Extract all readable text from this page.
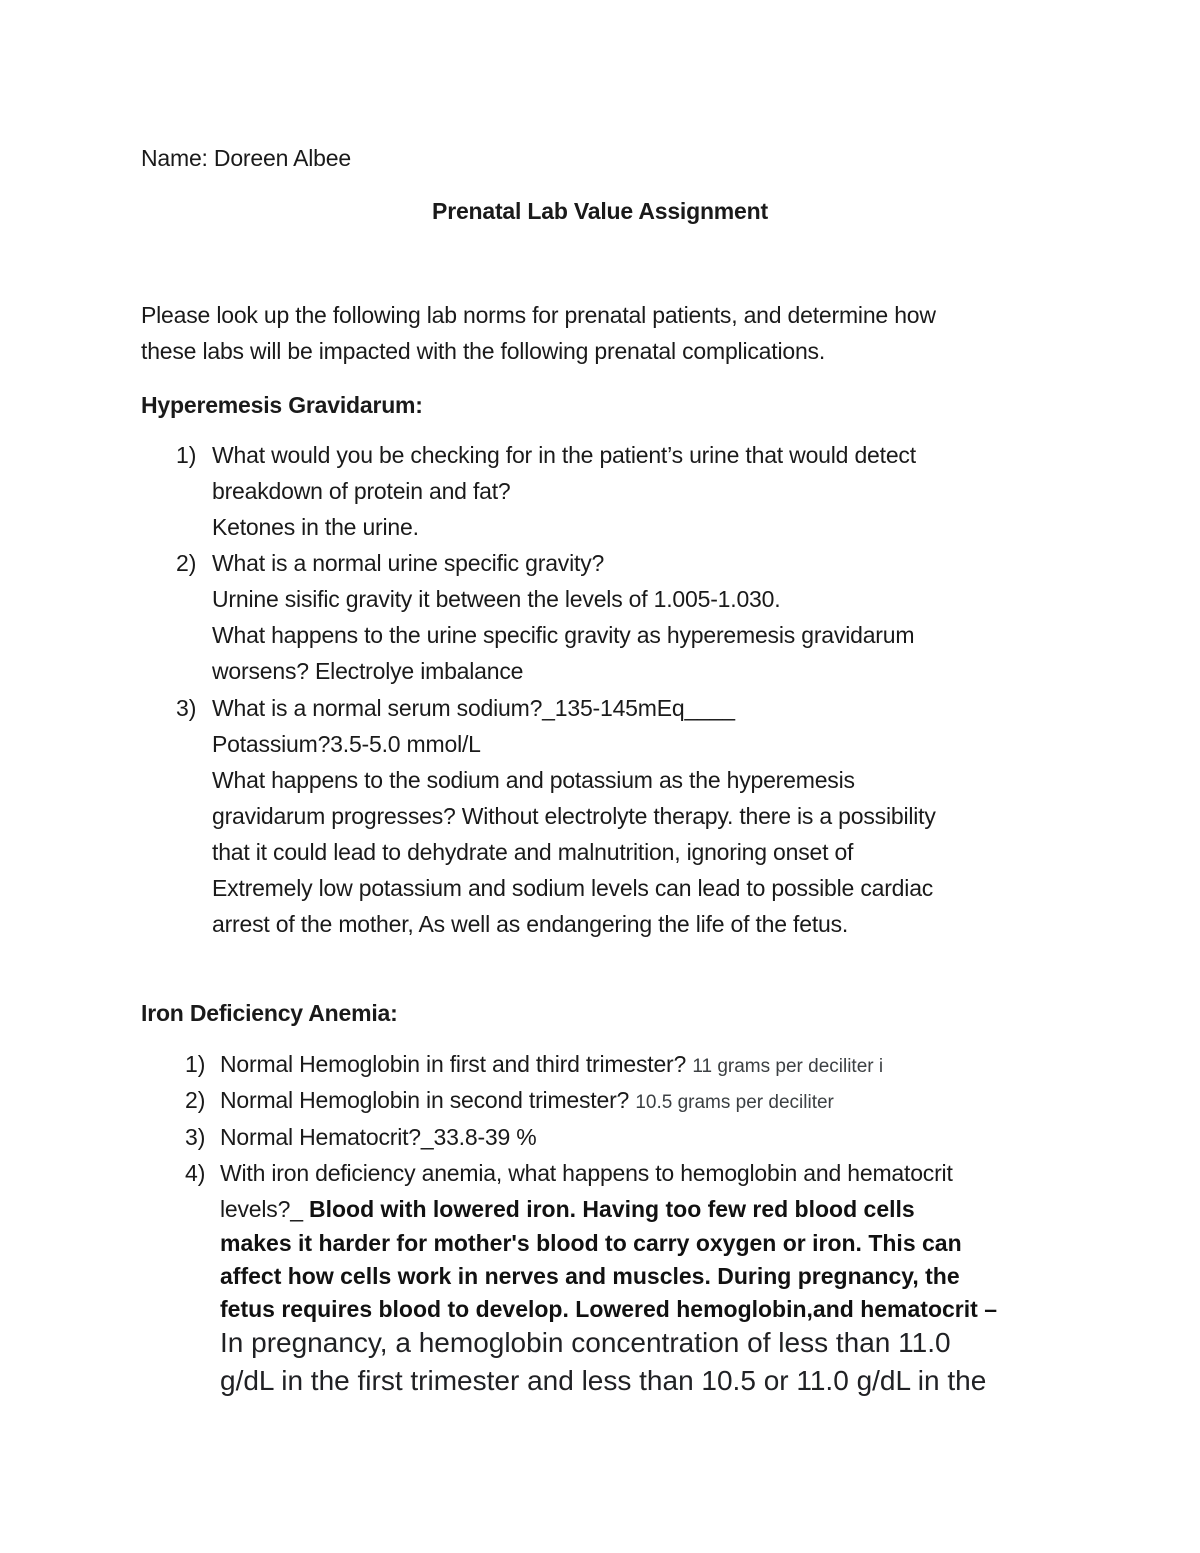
Name: Doreen Albee
Prenatal Lab Value Assignment
Please look up the following lab norms for prenatal patients, and determine how
these labs will be impacted with the following prenatal complications.
Hyperemesis Gravidarum:
1) What would you be checking for in the patient’s urine that would detect
breakdown of protein and fat?
Ketones in the urine.
2) What is a normal urine specific gravity?
Urnine sisific gravity it between the levels of 1.005-1.030.
What happens to the urine specific gravity as hyperemesis gravidarum
worsens? Electrolye imbalance
3) What is a normal serum sodium?_135-145mEq____
Potassium?3.5-5.0 mmol/L
What happens to the sodium and potassium as the hyperemesis
gravidarum progresses? Without electrolyte therapy. there is a possibility
that it could lead to dehydrate and malnutrition, ignoring onset of
Extremely low potassium and sodium levels can lead to possible cardiac
arrest of the mother, As well as endangering the life of the fetus.
Iron Deficiency Anemia:
1) Normal Hemoglobin in first and third trimester? 11 grams per deciliter i
2) Normal Hemoglobin in second trimester? 10.5 grams per deciliter
3) Normal Hematocrit?_33.8-39 %
4) With iron deficiency anemia, what happens to hemoglobin and hematocrit
levels?_ Blood with lowered iron. Having too few red blood cells
makes it harder for mother's blood to carry oxygen or iron. This can
affect how cells work in nerves and muscles. During pregnancy, the
fetus requires blood to develop. Lowered hemoglobin,and hematocrit –
In pregnancy, a hemoglobin concentration of less than 11.0
g/dL in the first trimester and less than 10.5 or 11.0 g/dL in the
